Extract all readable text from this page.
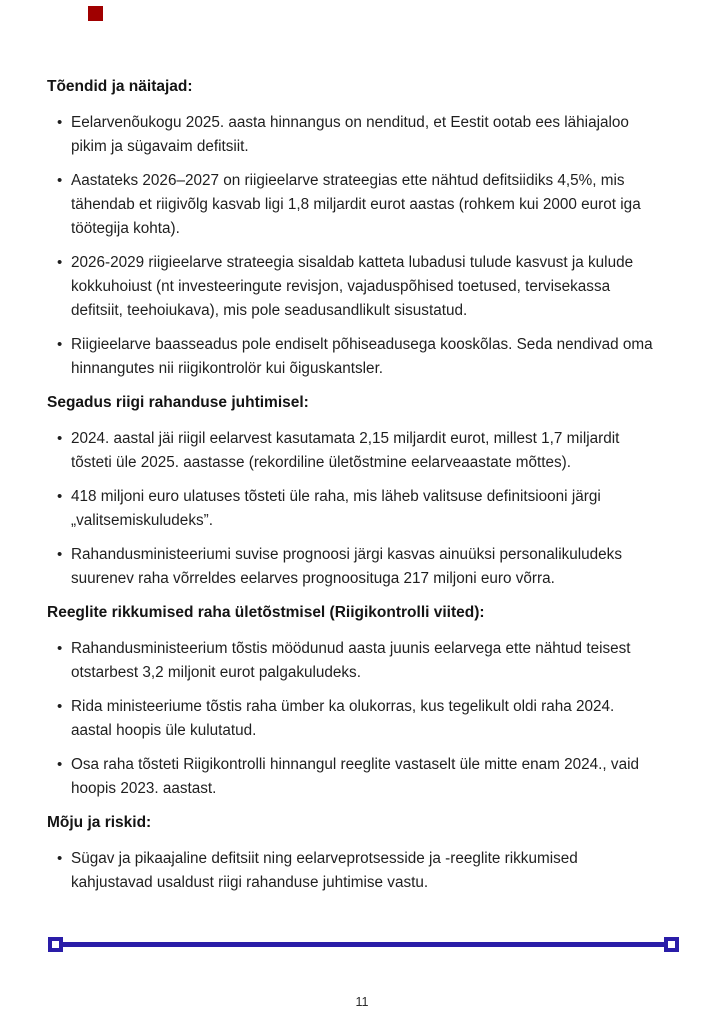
Tõendid ja näitajad:
• Eelarvenõukogu 2025. aasta hinnangus on nenditud, et Eestit ootab ees lähiajaloo pikim ja sügavaim defitsiit.
• Aastateks 2026–2027 on riigieelarve strateegias ette nähtud defitsiidiks 4,5%, mis tähendab et riigivõlg kasvab ligi 1,8 miljardit eurot aastas (rohkem kui 2000 eurot iga töötegija kohta).
• 2026-2029 riigieelarve strateegia sisaldab katteta lubadusi tulude kasvust ja kulude kokkuhoiust (nt investeeringute revisjon, vajaduspõhised toetused, tervisekassa defitsiit, teehoiukava), mis pole seadusandlikult sisustatud.
• Riigieelarve baasseadus pole endiselt põhiseadusega kooskõlas. Seda nendivad oma hinnangutes nii riigikontrolör kui õiguskantsler.
Segadus riigi rahanduse juhtimisel:
• 2024. aastal jäi riigil eelarvest kasutamata 2,15 miljardit eurot, millest 1,7 miljardit tõsteti üle 2025. aastasse (rekordiline ületõstmine eelarveaastate mõttes).
• 418 miljoni euro ulatuses tõsteti üle raha, mis läheb valitsuse definitsiooni järgi „valitsemiskuludeks”.
• Rahandusministeeriumi suvise prognoosi järgi kasvas ainuüksi personalikuludeks suurenev raha võrreldes eelarves prognoosituga 217 miljoni euro võrra.
Reeglite rikkumised raha ületõstmisel (Riigikontrolli viited):
• Rahandusministeerium tõstis möödunud aasta juunis eelarvega ette nähtud teisest otstarbest 3,2 miljonit eurot palgakuludeks.
• Rida ministeeriume tõstis raha ümber ka olukorras, kus tegelikult oldi raha 2024. aastal hoopis üle kulutatud.
• Osa raha tõsteti Riigikontrolli hinnangul reeglite vastaselt üle mitte enam 2024., vaid hoopis 2023. aastast.
Mõju ja riskid:
• Sügav ja pikaajaline defitsiit ning eelarveprotsesside ja -reeglite rikkumised kahjustavad usaldust riigi rahanduse juhtimise vastu.
11
